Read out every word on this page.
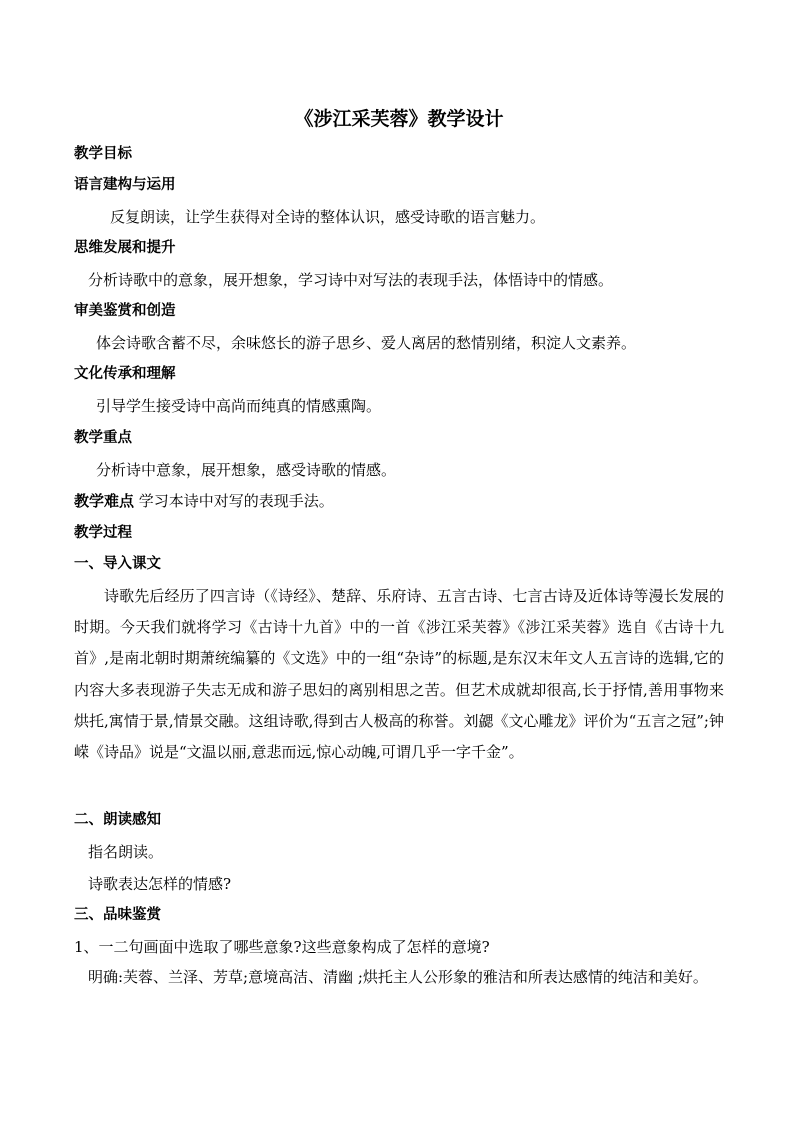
《涉江采芙蓉》教学设计
教学目标
语言建构与运用
反复朗读，让学生获得对全诗的整体认识，感受诗歌的语言魅力。
思维发展和提升
分析诗歌中的意象，展开想象，学习诗中对写法的表现手法，体悟诗中的情感。
审美鉴赏和创造
体会诗歌含蓄不尽，余味悠长的游子思乡、爱人离居的愁情别绪，积淀人文素养。
文化传承和理解
引导学生接受诗中高尚而纯真的情感熏陶。
教学重点
分析诗中意象，展开想象，感受诗歌的情感。
教学难点 学习本诗中对写的表现手法。
教学过程
一、导入课文
诗歌先后经历了四言诗（《诗经》、楚辞、乐府诗、五言古诗、七言古诗及近体诗等漫长发展的时期。今天我们就将学习《古诗十九首》中的一首《涉江采芙蓉》《涉江采芙蓉》选自《古诗十九首》,是南北朝时期萧统编纂的《文选》中的一组“杂诗”的标题,是东汉末年文人五言诗的选辑,它的内容大多表现游子失志无成和游子思妇的离别相思之苦。但艺术成就却很高,长于抒情,善用事物来烘托,寓情于景,情景交融。这组诗歌,得到古人极高的称誉。刘勰《文心雕龙》评价为“五言之冠”;钟嵘《诗品》说是“文温以丽,意悲而远,惊心动魄,可谓几乎一字千金”。
二、朗读感知
指名朗读。
诗歌表达怎样的情感?
三、品味鉴赏
1、一二句画面中选取了哪些意象?这些意象构成了怎样的意境?
明确:芙蓉、兰泽、芳草;意境高洁、清幽 ;烘托主人公形象的雅洁和所表达感情的纯洁和美好。
